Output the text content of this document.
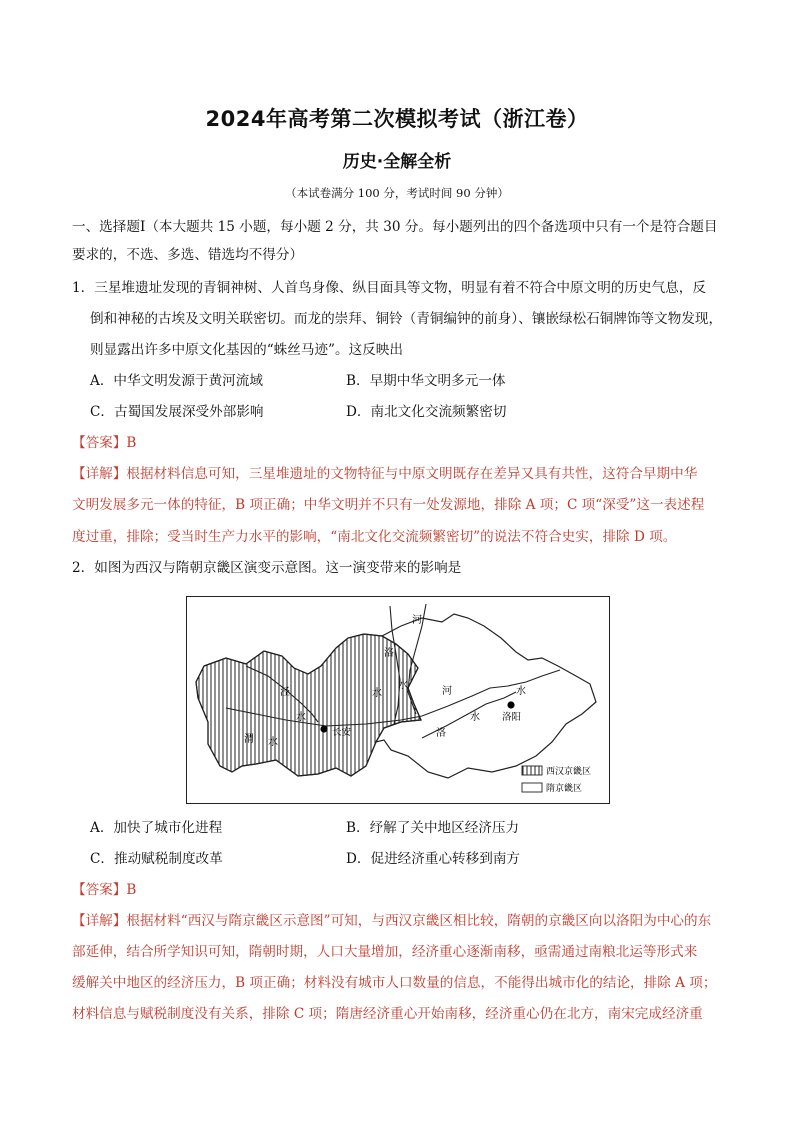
2024年高考第二次模拟考试（浙江卷）
历史·全解全析
（本试卷满分 100 分，考试时间 90 分钟）
一、选择题Ⅰ（本大题共 15 小题，每小题 2 分，共 30 分。每小题列出的四个备选项中只有一个是符合题目
要求的，不选、多选、错选均不得分）
1．三星堆遗址发现的青铜神树、人首鸟身像、纵目面具等文物，明显有着不符合中原文明的历史气息，反
倒和神秘的古埃及文明关联密切。而龙的崇拜、铜铃（青铜编钟的前身）、镶嵌绿松石铜牌饰等文物发现，
则显露出许多中原文化基因的“蛛丝马迹”。这反映出
A．中华文明发源于黄河流域	B．早期中华文明多元一体
C．古蜀国发展深受外部影响	D．南北文化交流频繁密切
【答案】B
【详解】根据材料信息可知，三星堆遗址的文物特征与中原文明既存在差异又具有共性，这符合早期中华
文明发展多元一体的特征，B 项正确；中华文明并不只有一处发源地，排除 A 项；C 项“深受”这一表述程
度过重，排除；受当时生产力水平的影响，“南北文化交流频繁密切”的说法不符合史实，排除 D 项。
2．如图为西汉与隋朝京畿区演变示意图。这一演变带来的影响是
河
洛
泾	水
水
水
渭 水
长安
河	水
洛
水 洛阳
西汉京畿区
隋京畿区
A．加快了城市化进程	B．纾解了关中地区经济压力
C．推动赋税制度改革	D．促进经济重心转移到南方
【答案】B
【详解】根据材料“西汉与隋京畿区示意图”可知，与西汉京畿区相比较，隋朝的京畿区向以洛阳为中心的东
部延伸，结合所学知识可知，隋朝时期，人口大量增加，经济重心逐渐南移，亟需通过南粮北运等形式来
缓解关中地区的经济压力，B 项正确；材料没有城市人口数量的信息，不能得出城市化的结论，排除 A 项；
材料信息与赋税制度没有关系，排除 C 项；隋唐经济重心开始南移，经济重心仍在北方，南宋完成经济重
